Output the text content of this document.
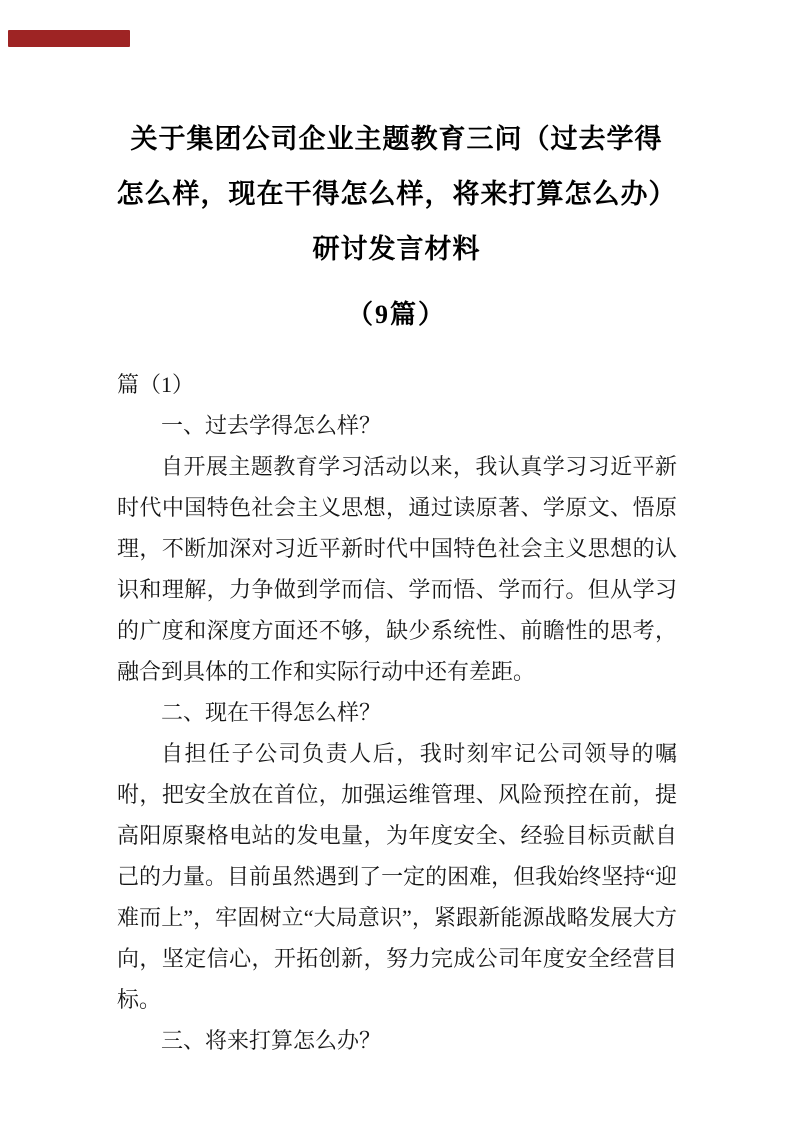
关于集团公司企业主题教育三问（过去学得
怎么样，现在干得怎么样，将来打算怎么办）
研讨发言材料
（9篇）
篇（1）
一、过去学得怎么样？

自开展主题教育学习活动以来，我认真学习习近平新时代中国特色社会主义思想，通过读原著、学原文、悟原理，不断加深对习近平新时代中国特色社会主义思想的认识和理解，力争做到学而信、学而悟、学而行。但从学习的广度和深度方面还不够，缺少系统性、前瞻性的思考，融合到具体的工作和实际行动中还有差距。

二、现在干得怎么样？

自担任子公司负责人后，我时刻牢记公司领导的嘱咐，把安全放在首位，加强运维管理、风险预控在前，提高阳原聚格电站的发电量，为年度安全、经验目标贡献自己的力量。目前虽然遇到了一定的困难，但我始终坚持“迎难而上”，牢固树立“大局意识”，紧跟新能源战略发展大方向，坚定信心，开拓创新，努力完成公司年度安全经营目标。

三、将来打算怎么办？
